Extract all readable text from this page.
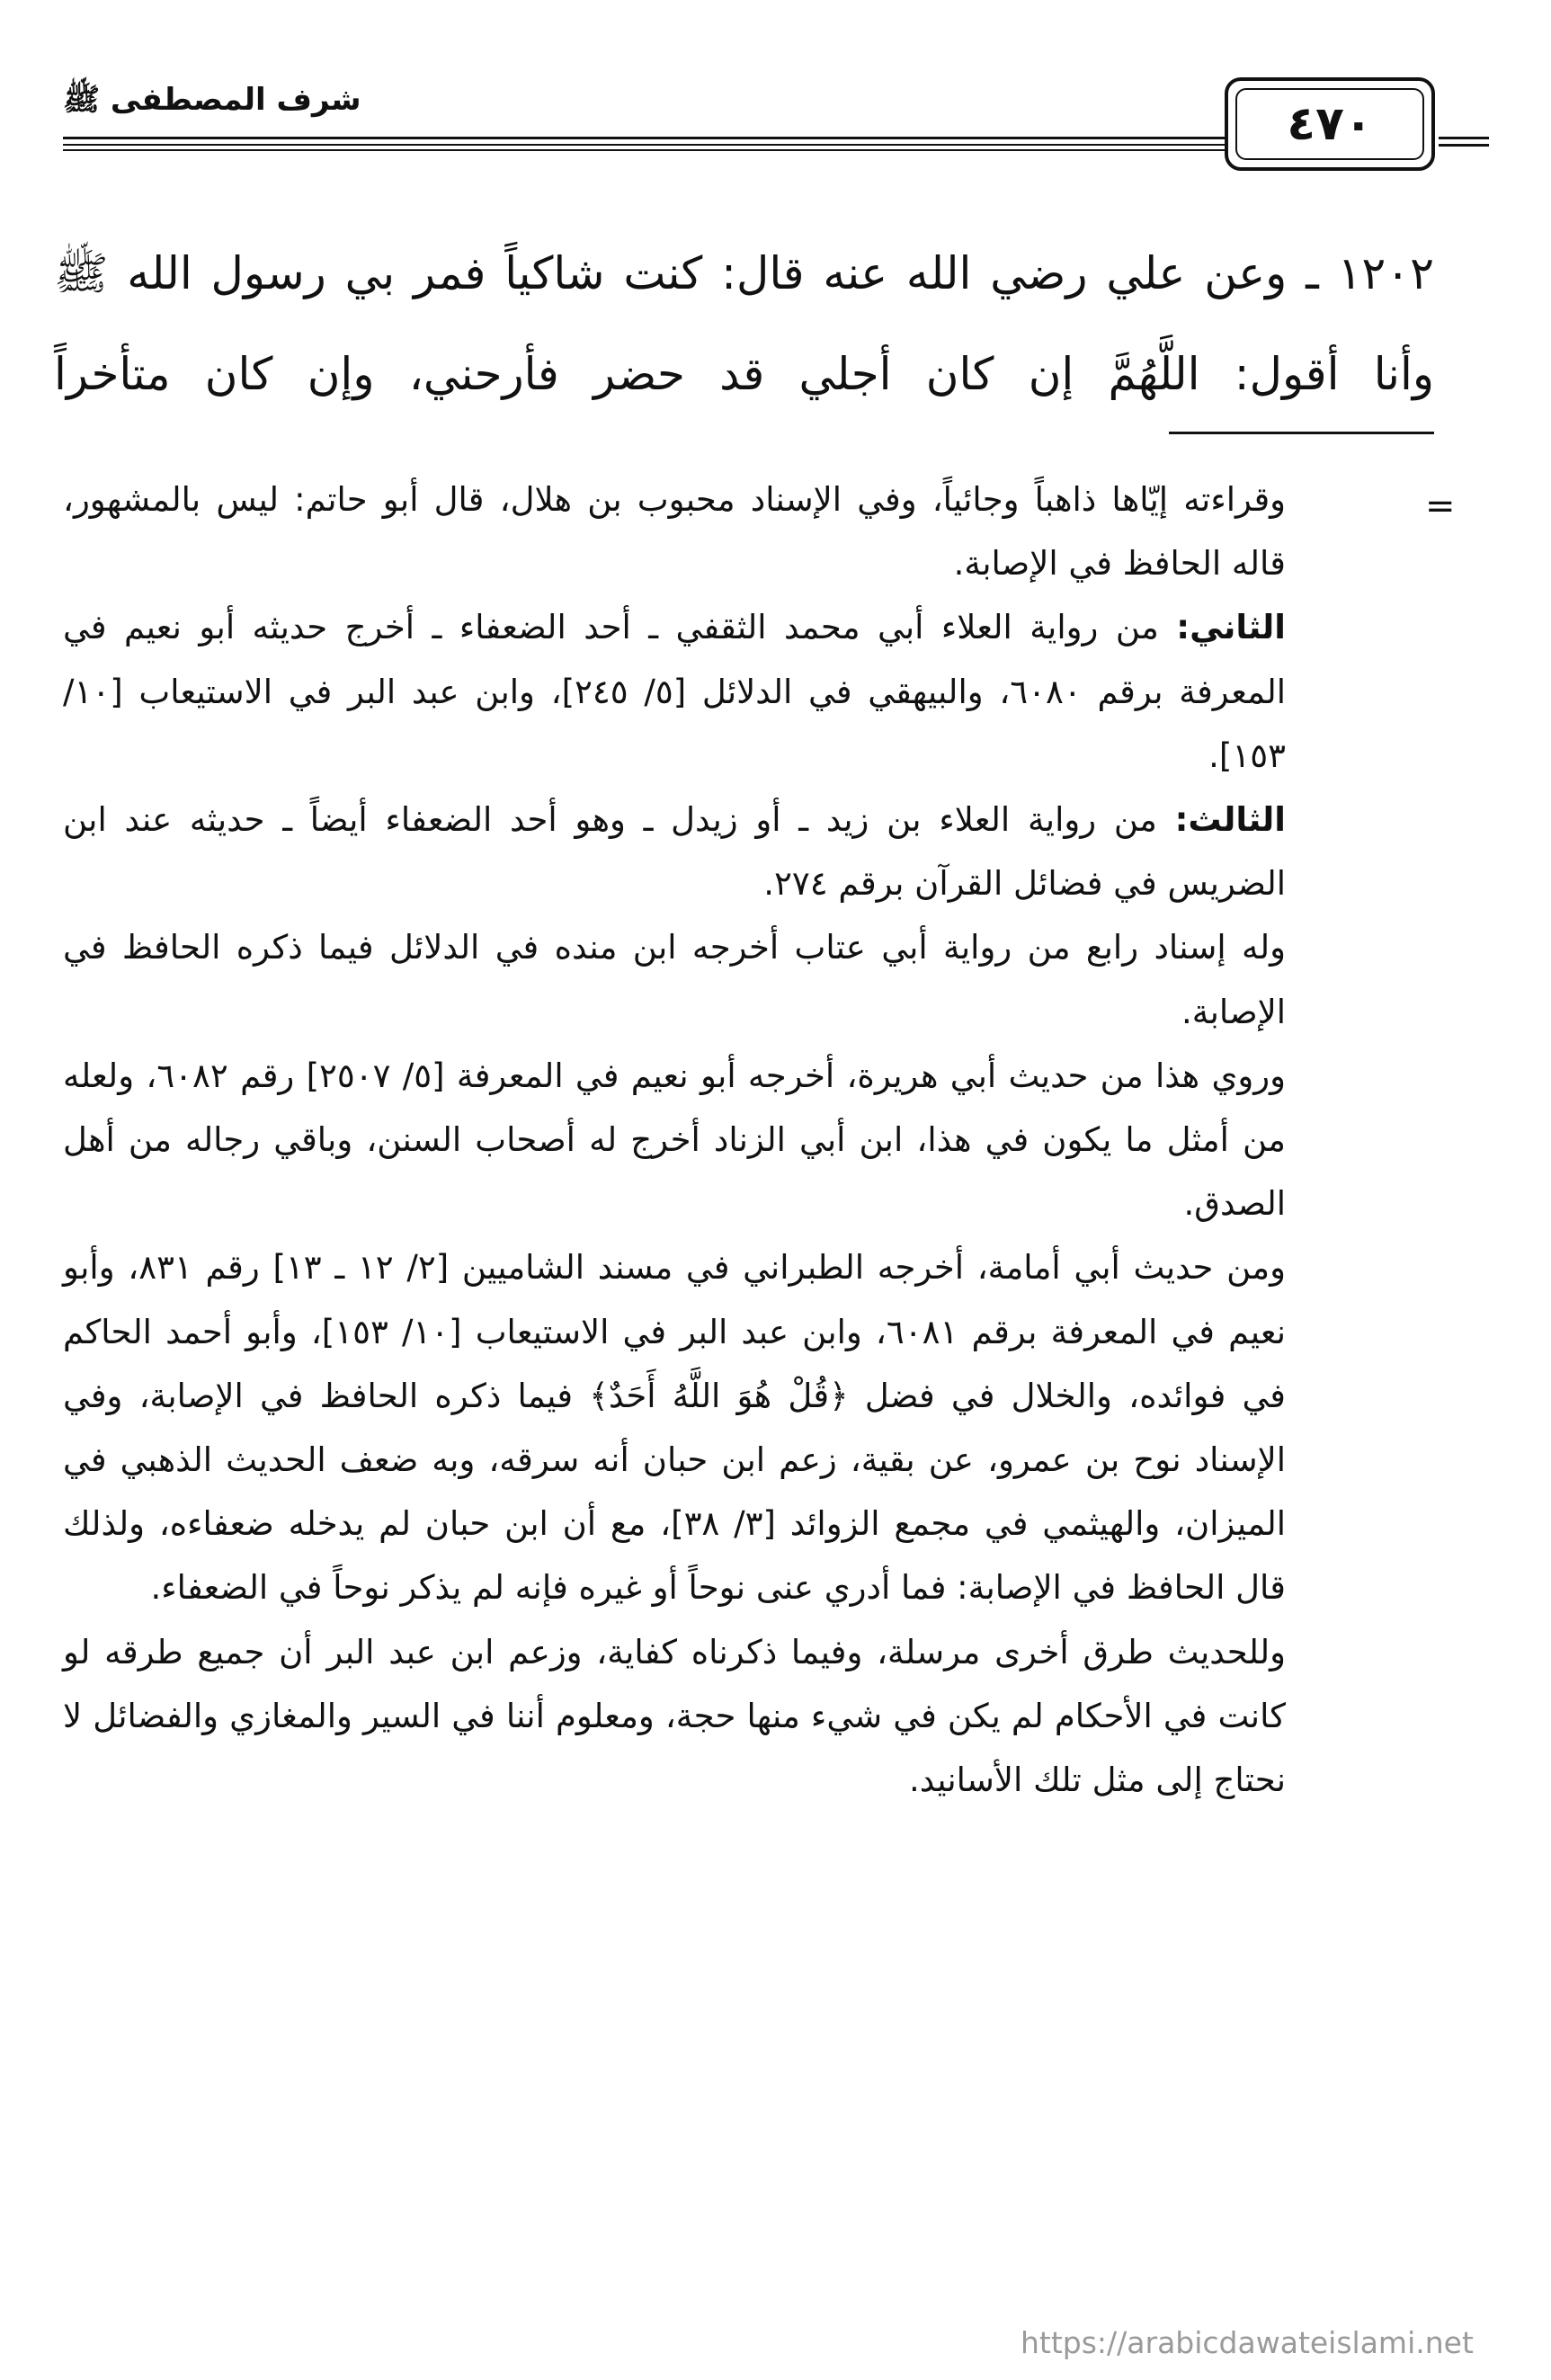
شرف المصطفى ﷺ	٤٧٠

١٢٠٢ ـ وعن علي رضي الله عنه قال: كنت شاكياً فمر بي رسول الله ﷺ

وأنا أقول: اللَّهُمَّ إن كان أجلي قد حضر فأرحني، وإن كان متأخراً

=

وقراءته إيّاها ذاهباً وجائياً، وفي الإسناد محبوب بن هلال، قال أبو حاتم: ليس بالمشهور، قاله الحافظ في الإصابة.

الثاني: من رواية العلاء أبي محمد الثقفي ـ أحد الضعفاء ـ أخرج حديثه أبو نعيم في المعرفة برقم ٦٠٨٠، والبيهقي في الدلائل [٥/ ٢٤٥]، وابن عبد البر في الاستيعاب [١٠/ ١٥٣].

الثالث: من رواية العلاء بن زيد ـ أو زيدل ـ وهو أحد الضعفاء أيضاً ـ حديثه عند ابن الضريس في فضائل القرآن برقم ٢٧٤.

وله إسناد رابع من رواية أبي عتاب أخرجه ابن منده في الدلائل فيما ذكره الحافظ في الإصابة.

وروي هذا من حديث أبي هريرة، أخرجه أبو نعيم في المعرفة [٥/ ٢٥٠٧] رقم ٦٠٨٢، ولعله من أمثل ما يكون في هذا، ابن أبي الزناد أخرج له أصحاب السنن، وباقي رجاله من أهل الصدق.

ومن حديث أبي أمامة، أخرجه الطبراني في مسند الشاميين [٢/ ١٢ ـ ١٣] رقم ٨٣١، وأبو نعيم في المعرفة برقم ٦٠٨١، وابن عبد البر في الاستيعاب [١٠/ ١٥٣]، وأبو أحمد الحاكم في فوائده، والخلال في فضل ﴿قُلْ هُوَ اللَّهُ أَحَدٌ﴾ فيما ذكره الحافظ في الإصابة، وفي الإسناد نوح بن عمرو، عن بقية، زعم ابن حبان أنه سرقه، وبه ضعف الحديث الذهبي في الميزان، والهيثمي في مجمع الزوائد [٣/ ٣٨]، مع أن ابن حبان لم يدخله ضعفاءه، ولذلك قال الحافظ في الإصابة: فما أدري عنى نوحاً أو غيره فإنه لم يذكر نوحاً في الضعفاء.

وللحديث طرق أخرى مرسلة، وفيما ذكرناه كفاية، وزعم ابن عبد البر أن جميع طرقه لو كانت في الأحكام لم يكن في شيء منها حجة، ومعلوم أننا في السير والمغازي والفضائل لا نحتاج إلى مثل تلك الأسانيد.

https://arabicdawateislami.net
